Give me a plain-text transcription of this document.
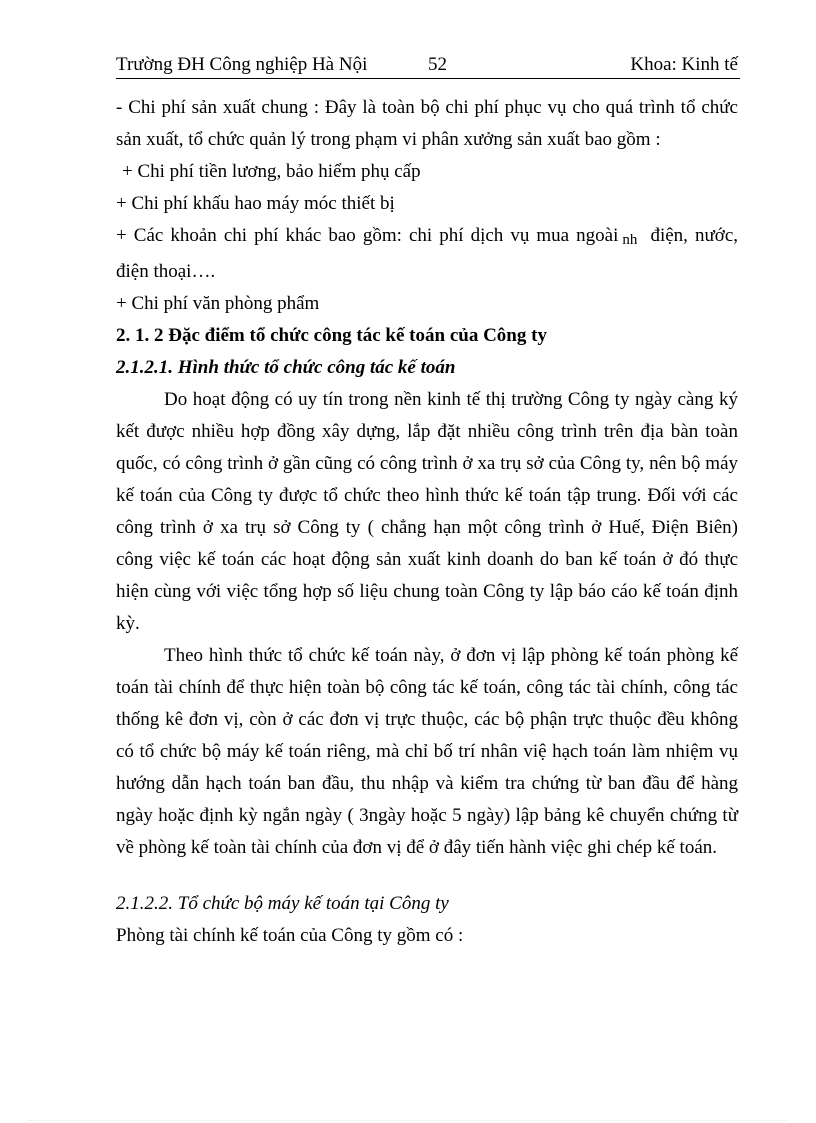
Trường ĐH Công nghiệp Hà Nội	52	Khoa: Kinh tế

- Chi phí sản xuất chung : Đây là toàn bộ chi phí phục vụ cho quá trình tổ chức sản xuất, tổ chức quản lý trong phạm vi phân xưởng sản xuất bao gồm :

+ Chi phí tiền lương, bảo hiểm phụ cấp

+ Chi phí khấu hao máy móc thiết bị

+ Các khoản chi phí khác bao gồm: chi phí dịch vụ mua ngoài $_{nh}$ điện, nước, điện thoại….

+ Chi phí văn phòng phẩm

2. 1. 2 Đặc điểm tổ chức công tác kế toán của Công ty

2.1.2.1. Hình thức tổ chức công tác kế toán

Do hoạt động có uy tín trong nền kinh tế thị trường Công ty ngày càng ký kết được nhiều hợp đồng xây dựng, lắp đặt nhiều công trình trên địa bàn toàn quốc, có công trình ở gần cũng có công trình ở xa trụ sở của Công ty, nên bộ máy kế toán của Công ty được tổ chức theo hình thức kế toán tập trung. Đối với các công trình ở xa trụ sở Công ty ( chẳng hạn một công trình ở Huế, Điện Biên) công việc kế toán các hoạt động sản xuất kinh doanh do ban kế toán ở đó thực hiện cùng với việc tổng hợp số liệu chung toàn Công ty lập báo cáo kế toán định kỳ.

Theo hình thức tổ chức kế toán này, ở đơn vị lập phòng kế toán phòng kế toán tài chính để thực hiện toàn bộ công tác kế toán, công tác tài chính, công tác thống kê đơn vị, còn ở các đơn vị trực thuộc, các bộ phận trực thuộc đều không có tổ chức bộ máy kế toán riêng, mà chỉ bố trí nhân việ hạch toán làm nhiệm vụ hướng dẫn hạch toán ban đầu, thu nhập và kiểm tra chứng từ ban đầu để hàng ngày hoặc định kỳ ngắn ngày ( 3ngày hoặc 5 ngày) lập bảng kê chuyển chứng từ về phòng kế toàn tài chính của đơn vị để ở đây tiến hành việc ghi chép kế toán.

2.1.2.2. Tổ chức bộ máy kế toán tại Công ty

Phòng tài chính kế toán của Công ty gồm có :
